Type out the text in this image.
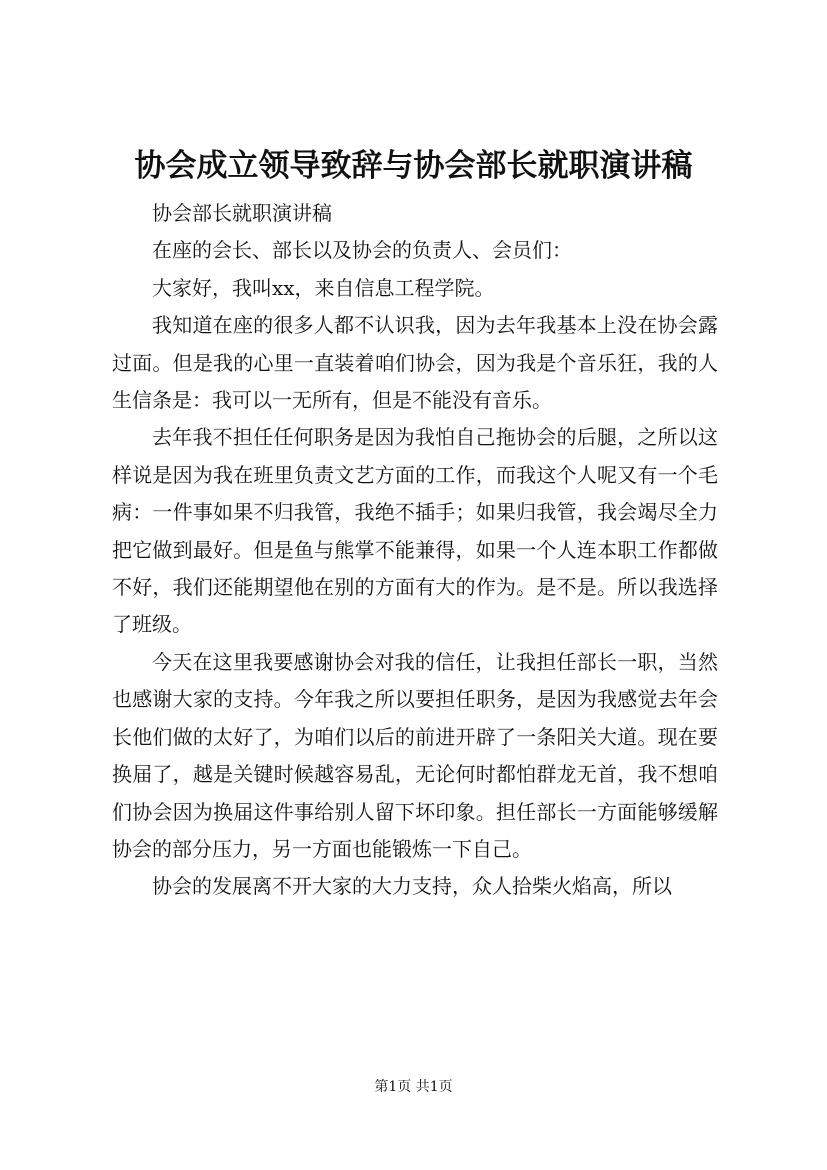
协会成立领导致辞与协会部长就职演讲稿

协会部长就职演讲稿

在座的会长、部长以及协会的负责人、会员们：

大家好，我叫xx，来自信息工程学院。

我知道在座的很多人都不认识我，因为去年我基本上没在协会露过面。但是我的心里一直装着咱们协会，因为我是个音乐狂，我的人生信条是：我可以一无所有，但是不能没有音乐。

去年我不担任任何职务是因为我怕自己拖协会的后腿，之所以这样说是因为我在班里负责文艺方面的工作，而我这个人呢又有一个毛病：一件事如果不归我管，我绝不插手；如果归我管，我会竭尽全力把它做到最好。但是鱼与熊掌不能兼得，如果一个人连本职工作都做不好，我们还能期望他在别的方面有大的作为。是不是。所以我选择了班级。

今天在这里我要感谢协会对我的信任，让我担任部长一职，当然也感谢大家的支持。今年我之所以要担任职务，是因为我感觉去年会长他们做的太好了，为咱们以后的前进开辟了一条阳关大道。现在要换届了，越是关键时候越容易乱，无论何时都怕群龙无首，我不想咱们协会因为换届这件事给别人留下坏印象。担任部长一方面能够缓解协会的部分压力，另一方面也能锻炼一下自己。

协会的发展离不开大家的大力支持，众人拾柴火焰高，所以

第1页 共1页
